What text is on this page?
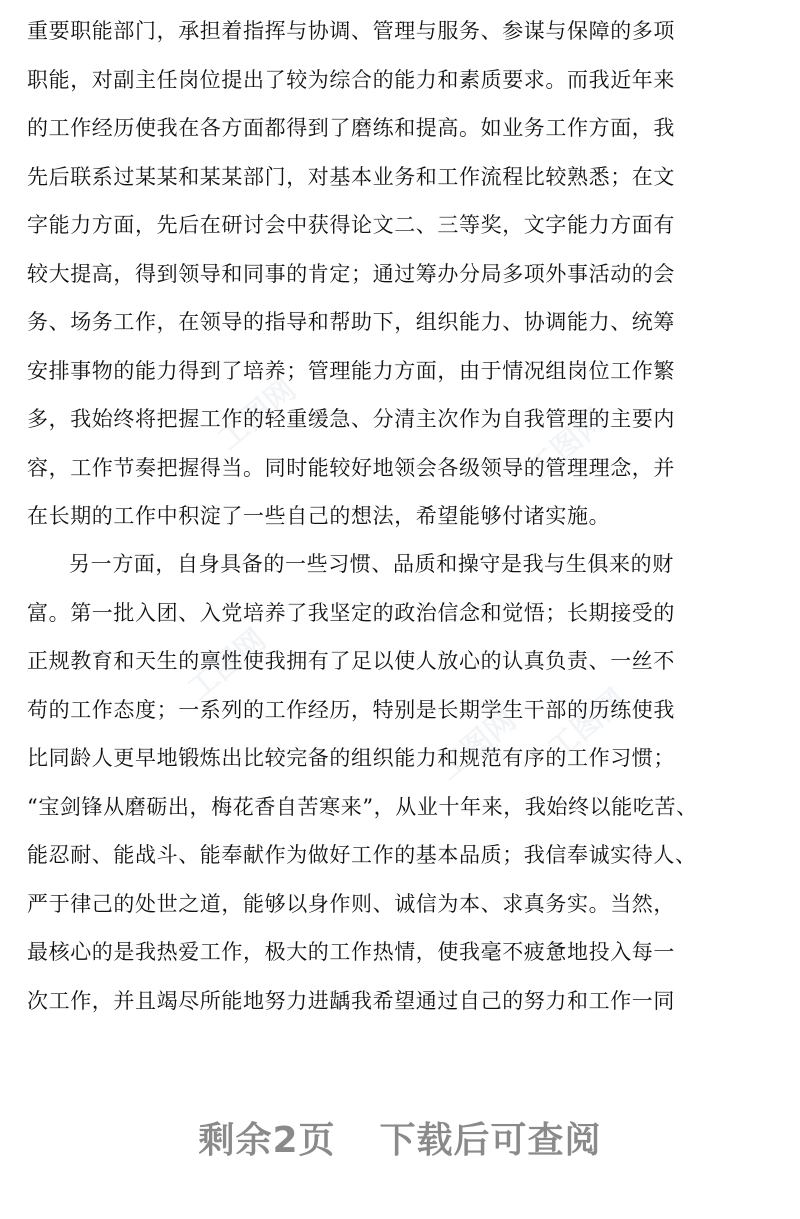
工图网	工图网
工图网
工图网 工图网
重要职能部门，承担着指挥与协调、管理与服务、参谋与保障的多项
职能，对副主任岗位提出了较为综合的能力和素质要求。而我近年来
的工作经历使我在各方面都得到了磨练和提高。如业务工作方面，我
先后联系过某某和某某部门，对基本业务和工作流程比较熟悉；在文
字能力方面，先后在研讨会中获得论文二、三等奖，文字能力方面有
较大提高，得到领导和同事的肯定；通过筹办分局多项外事活动的会
务、场务工作，在领导的指导和帮助下，组织能力、协调能力、统筹
安排事物的能力得到了培养；管理能力方面，由于情况组岗位工作繁
多，我始终将把握工作的轻重缓急、分清主次作为自我管理的主要内
容，工作节奏把握得当。同时能较好地领会各级领导的管理理念，并
在长期的工作中积淀了一些自己的想法，希望能够付诸实施。
另一方面，自身具备的一些习惯、品质和操守是我与生俱来的财
富。第一批入团、入党培养了我坚定的政治信念和觉悟；长期接受的
正规教育和天生的禀性使我拥有了足以使人放心的认真负责、一丝不
苟的工作态度；一系列的工作经历，特别是长期学生干部的历练使我
比同龄人更早地锻炼出比较完备的组织能力和规范有序的工作习惯；
“宝剑锋从磨砺出，梅花香自苦寒来”，从业十年来，我始终以能吃苦、
能忍耐、能战斗、能奉献作为做好工作的基本品质；我信奉诚实待人、
严于律己的处世之道，能够以身作则、诚信为本、求真务实。当然，
最核心的是我热爱工作，极大的工作热情，使我毫不疲惫地投入每一
次工作，并且竭尽所能地努力进龋我希望通过自己的努力和工作一同
剩余2页 下载后可查阅
